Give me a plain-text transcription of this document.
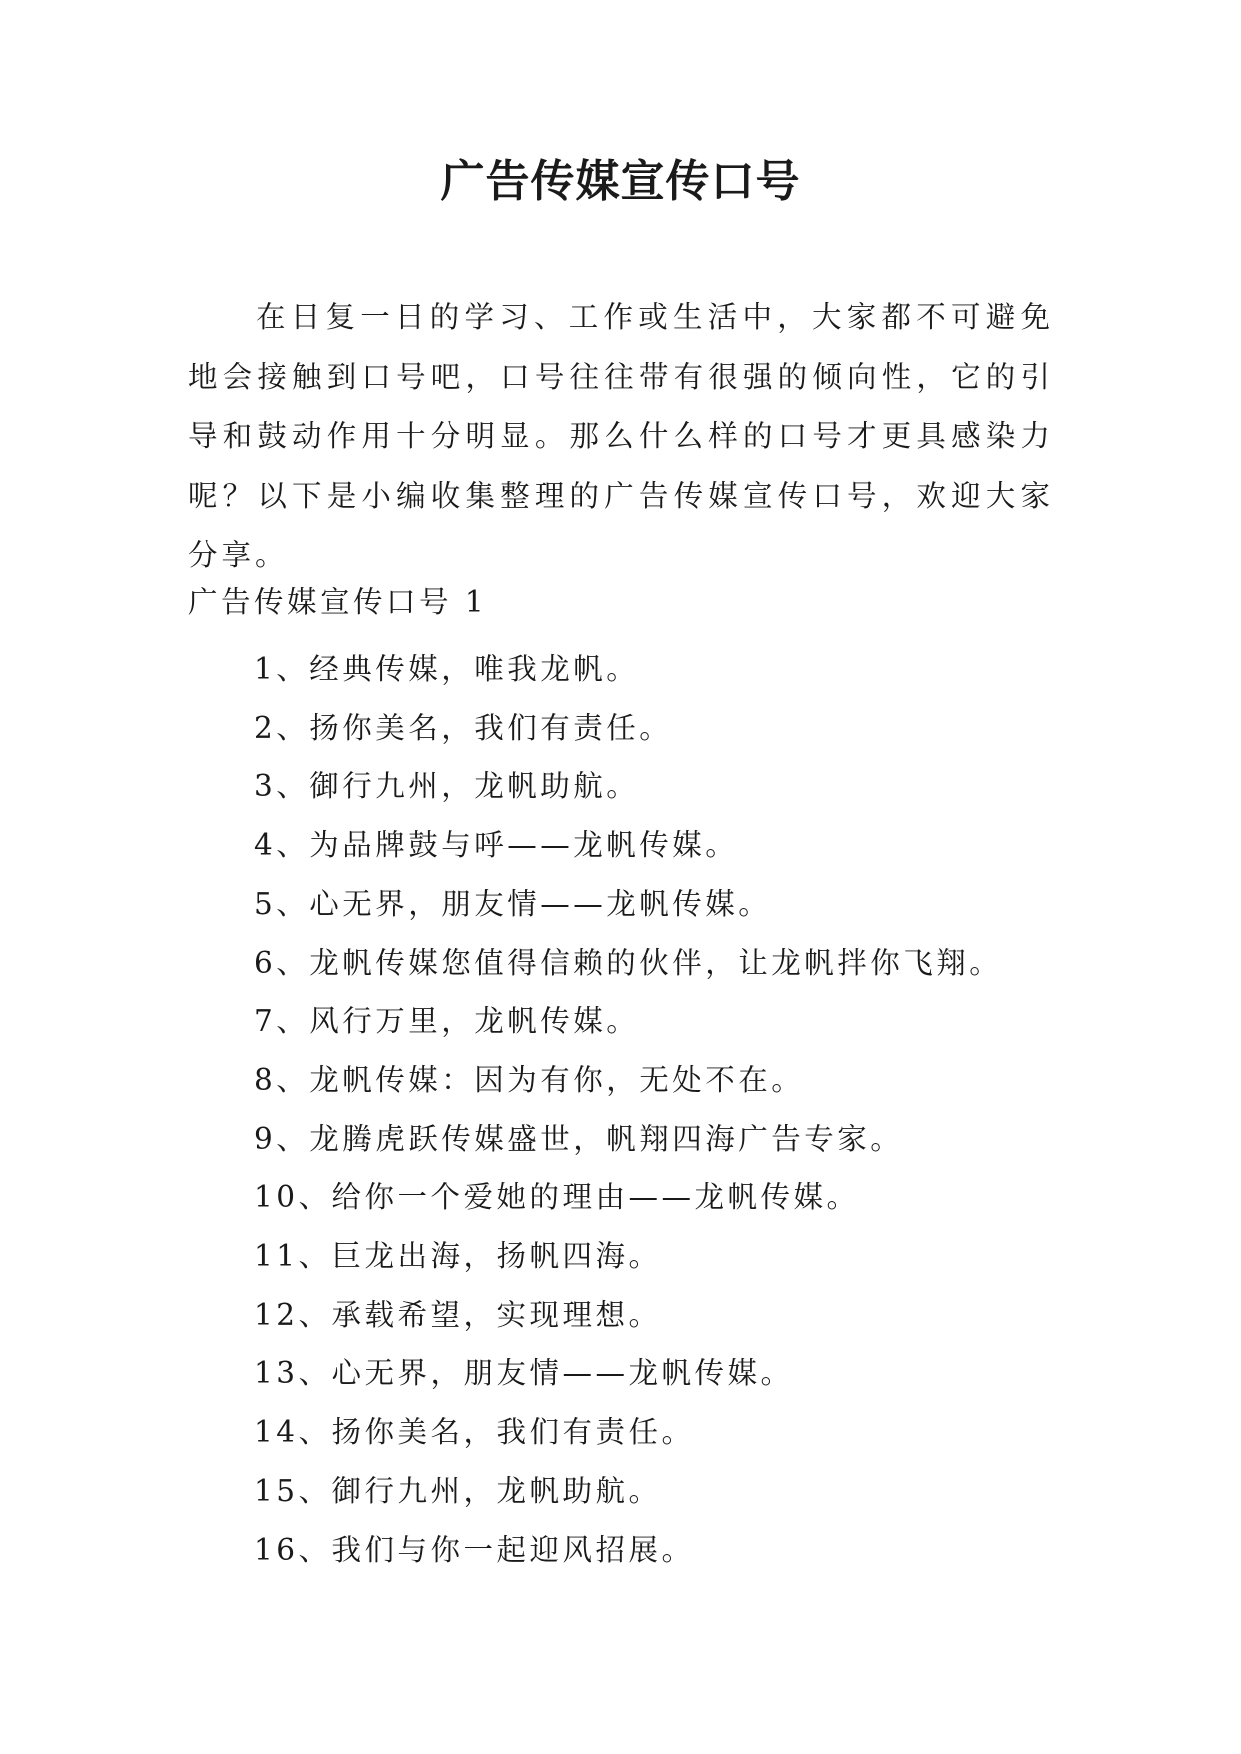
广告传媒宣传口号

在日复一日的学习、工作或生活中，大家都不可避免地会接触到口号吧，口号往往带有很强的倾向性，它的引导和鼓动作用十分明显。那么什么样的口号才更具感染力呢？以下是小编收集整理的广告传媒宣传口号，欢迎大家分享。

广告传媒宣传口号 1

1、经典传媒，唯我龙帆。
2、扬你美名，我们有责任。
3、御行九州，龙帆助航。
4、为品牌鼓与呼——龙帆传媒。
5、心无界，朋友情——龙帆传媒。
6、龙帆传媒您值得信赖的伙伴，让龙帆拌你飞翔。
7、风行万里，龙帆传媒。
8、龙帆传媒：因为有你，无处不在。
9、龙腾虎跃传媒盛世，帆翔四海广告专家。
10、给你一个爱她的理由——龙帆传媒。
11、巨龙出海，扬帆四海。
12、承载希望，实现理想。
13、心无界，朋友情——龙帆传媒。
14、扬你美名，我们有责任。
15、御行九州，龙帆助航。
16、我们与你一起迎风招展。
